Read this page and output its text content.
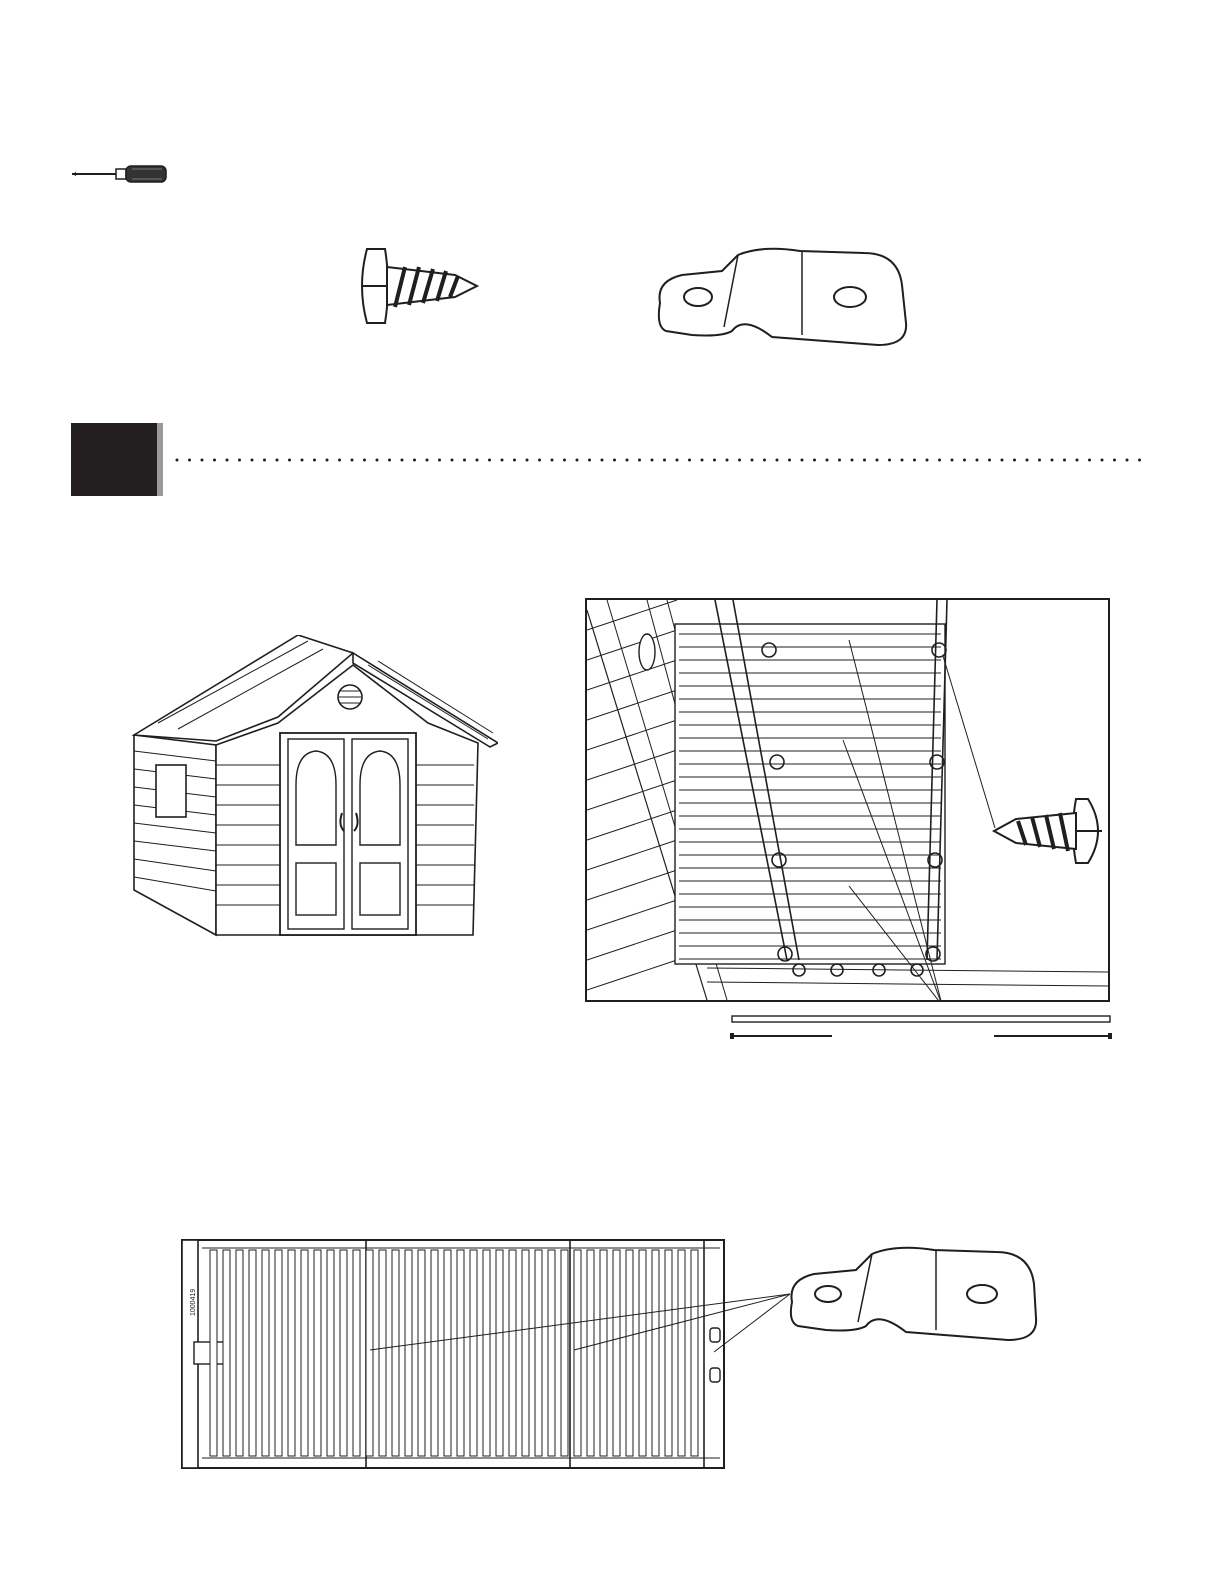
1000419
